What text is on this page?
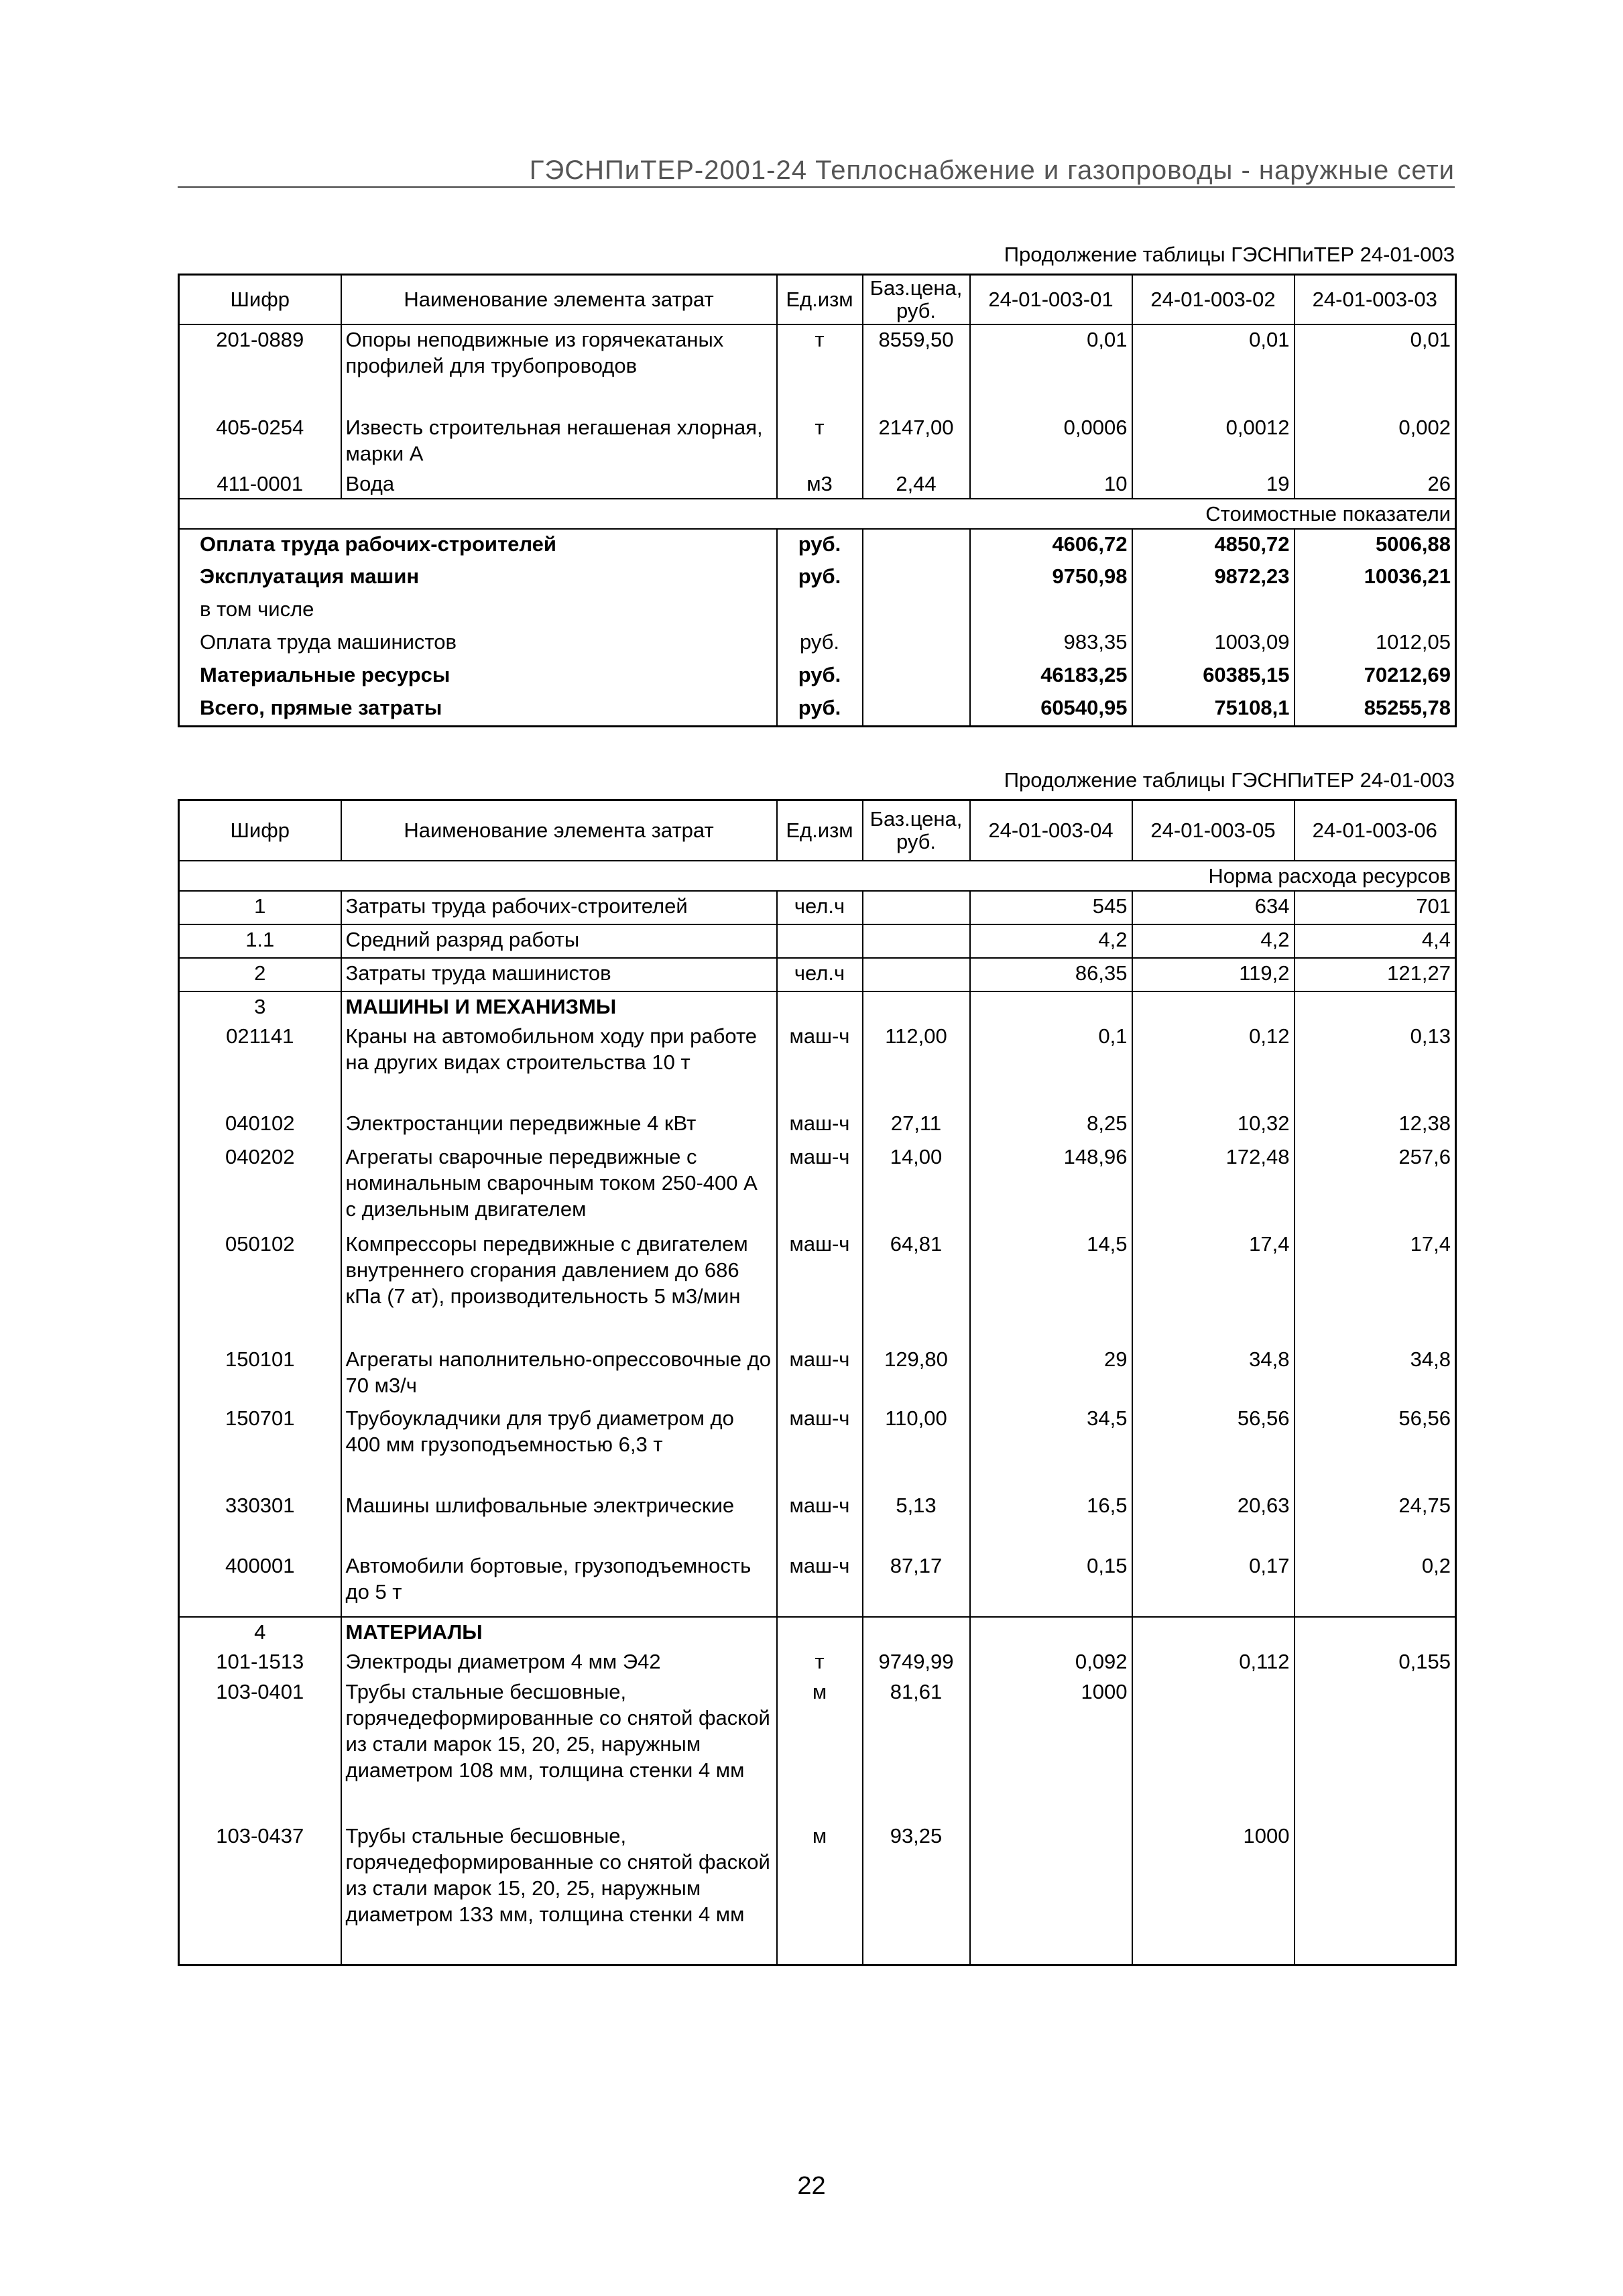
ГЭСНПиТЕР-2001-24 Теплоснабжение и газопроводы - наружные сети
Продолжение таблицы ГЭСНПиТЕР 24-01-003
Шифр	Наименование элемента затрат	Ед.изм	Баз.цена, руб.	24-01-003-01	24-01-003-02	24-01-003-03
201-0889	Опоры неподвижные из горячекатаных профилей для трубопроводов	т	8559,50	0,01	0,01	0,01
405-0254	Известь строительная негашеная хлорная, марки А	т	2147,00	0,0006	0,0012	0,002
411-0001	Вода	м3	2,44	10	19	26
Стоимостные показатели						
Оплата труда рабочих-строителей		руб.		4606,72	4850,72	5006,88
Эксплуатация машин		руб.		9750,98	9872,23	10036,21
в том числе						
Оплата труда машинистов		руб.		983,35	1003,09	1012,05
Материальные ресурсы		руб.		46183,25	60385,15	70212,69
Всего, прямые затраты		руб.		60540,95	75108,1	85255,78
Продолжение таблицы ГЭСНПиТЕР 24-01-003
Шифр	Наименование элемента затрат	Ед.изм	Баз.цена, руб.	24-01-003-04	24-01-003-05	24-01-003-06
Норма расхода ресурсов						
1	Затраты труда рабочих-строителей	чел.ч		545	634	701
1.1	Средний разряд работы			4,2	4,2	4,4
2	Затраты труда машинистов	чел.ч		86,35	119,2	121,27
3	МАШИНЫ И МЕХАНИЗМЫ					
021141	Краны на автомобильном ходу при работе на других видах строительства 10 т	маш-ч	112,00	0,1	0,12	0,13
040102	Электростанции передвижные 4 кВт	маш-ч	27,11	8,25	10,32	12,38
040202	Агрегаты сварочные передвижные с номинальным сварочным током 250-400 А с дизельным двигателем	маш-ч	14,00	148,96	172,48	257,6
050102	Компрессоры передвижные с двигателем внутреннего сгорания давлением до 686 кПа (7 ат), производительность 5 м3/мин	маш-ч	64,81	14,5	17,4	17,4
150101	Агрегаты наполнительно-опрессовочные до 70 м3/ч	маш-ч	129,80	29	34,8	34,8
150701	Трубоукладчики для труб диаметром до 400 мм грузоподъемностью 6,3 т	маш-ч	110,00	34,5	56,56	56,56
330301	Машины шлифовальные электрические	маш-ч	5,13	16,5	20,63	24,75
400001	Автомобили бортовые, грузоподъемность до 5 т	маш-ч	87,17	0,15	0,17	0,2
4	МАТЕРИАЛЫ					
101-1513	Электроды диаметром 4 мм Э42	т	9749,99	0,092	0,112	0,155
103-0401	Трубы стальные бесшовные, горячедеформированные со снятой фаской из стали марок 15, 20, 25, наружным диаметром 108 мм, толщина стенки 4 мм	м	81,61	1000		
103-0437	Трубы стальные бесшовные, горячедеформированные со снятой фаской из стали марок 15, 20, 25, наружным диаметром 133 мм, толщина стенки 4 мм	м	93,25		1000	
22
